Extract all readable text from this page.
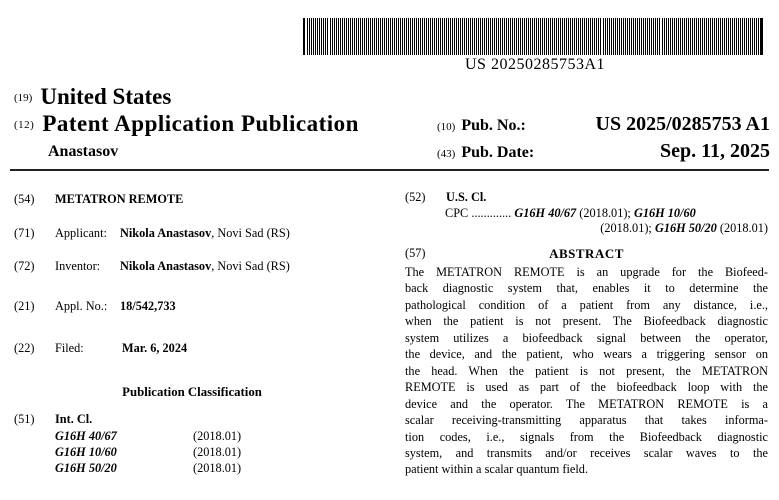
US 20250285753A1
(19) United States
(12) Patent Application Publication
Anastasov
(10) Pub. No.:	US 2025/0285753 A1
(43) Pub. Date:	Sep. 11, 2025
(54) METATRON REMOTE
(71) Applicant: Nikola Anastasov, Novi Sad (RS)
(72) Inventor: Nikola Anastasov, Novi Sad (RS)
(21) Appl. No.: 18/542,733
(22) Filed:	Mar. 6, 2024
Publication Classification
(51) Int. Cl.
G16H 40/67	(2018.01)
G16H 10/60	(2018.01)
G16H 50/20	(2018.01)
(52) U.S. Cl.
CPC ............. G16H 40/67 (2018.01); G16H 10/60
(2018.01); G16H 50/20 (2018.01)
(57)	ABSTRACT
The METATRON REMOTE is an upgrade for the Biofeed-
back diagnostic system that, enables it to determine the
pathological condition of a patient from any distance, i.e.,
when the patient is not present. The Biofeedback diagnostic
system utilizes a biofeedback signal between the operator,
the device, and the patient, who wears a triggering sensor on
the head. When the patient is not present, the METATRON
REMOTE is used as part of the biofeedback loop with the
device and the operator. The METATRON REMOTE is a
scalar receiving-transmitting apparatus that takes informa-
tion codes, i.e., signals from the Biofeedback diagnostic
system, and transmits and/or receives scalar waves to the
patient within a scalar quantum field.
